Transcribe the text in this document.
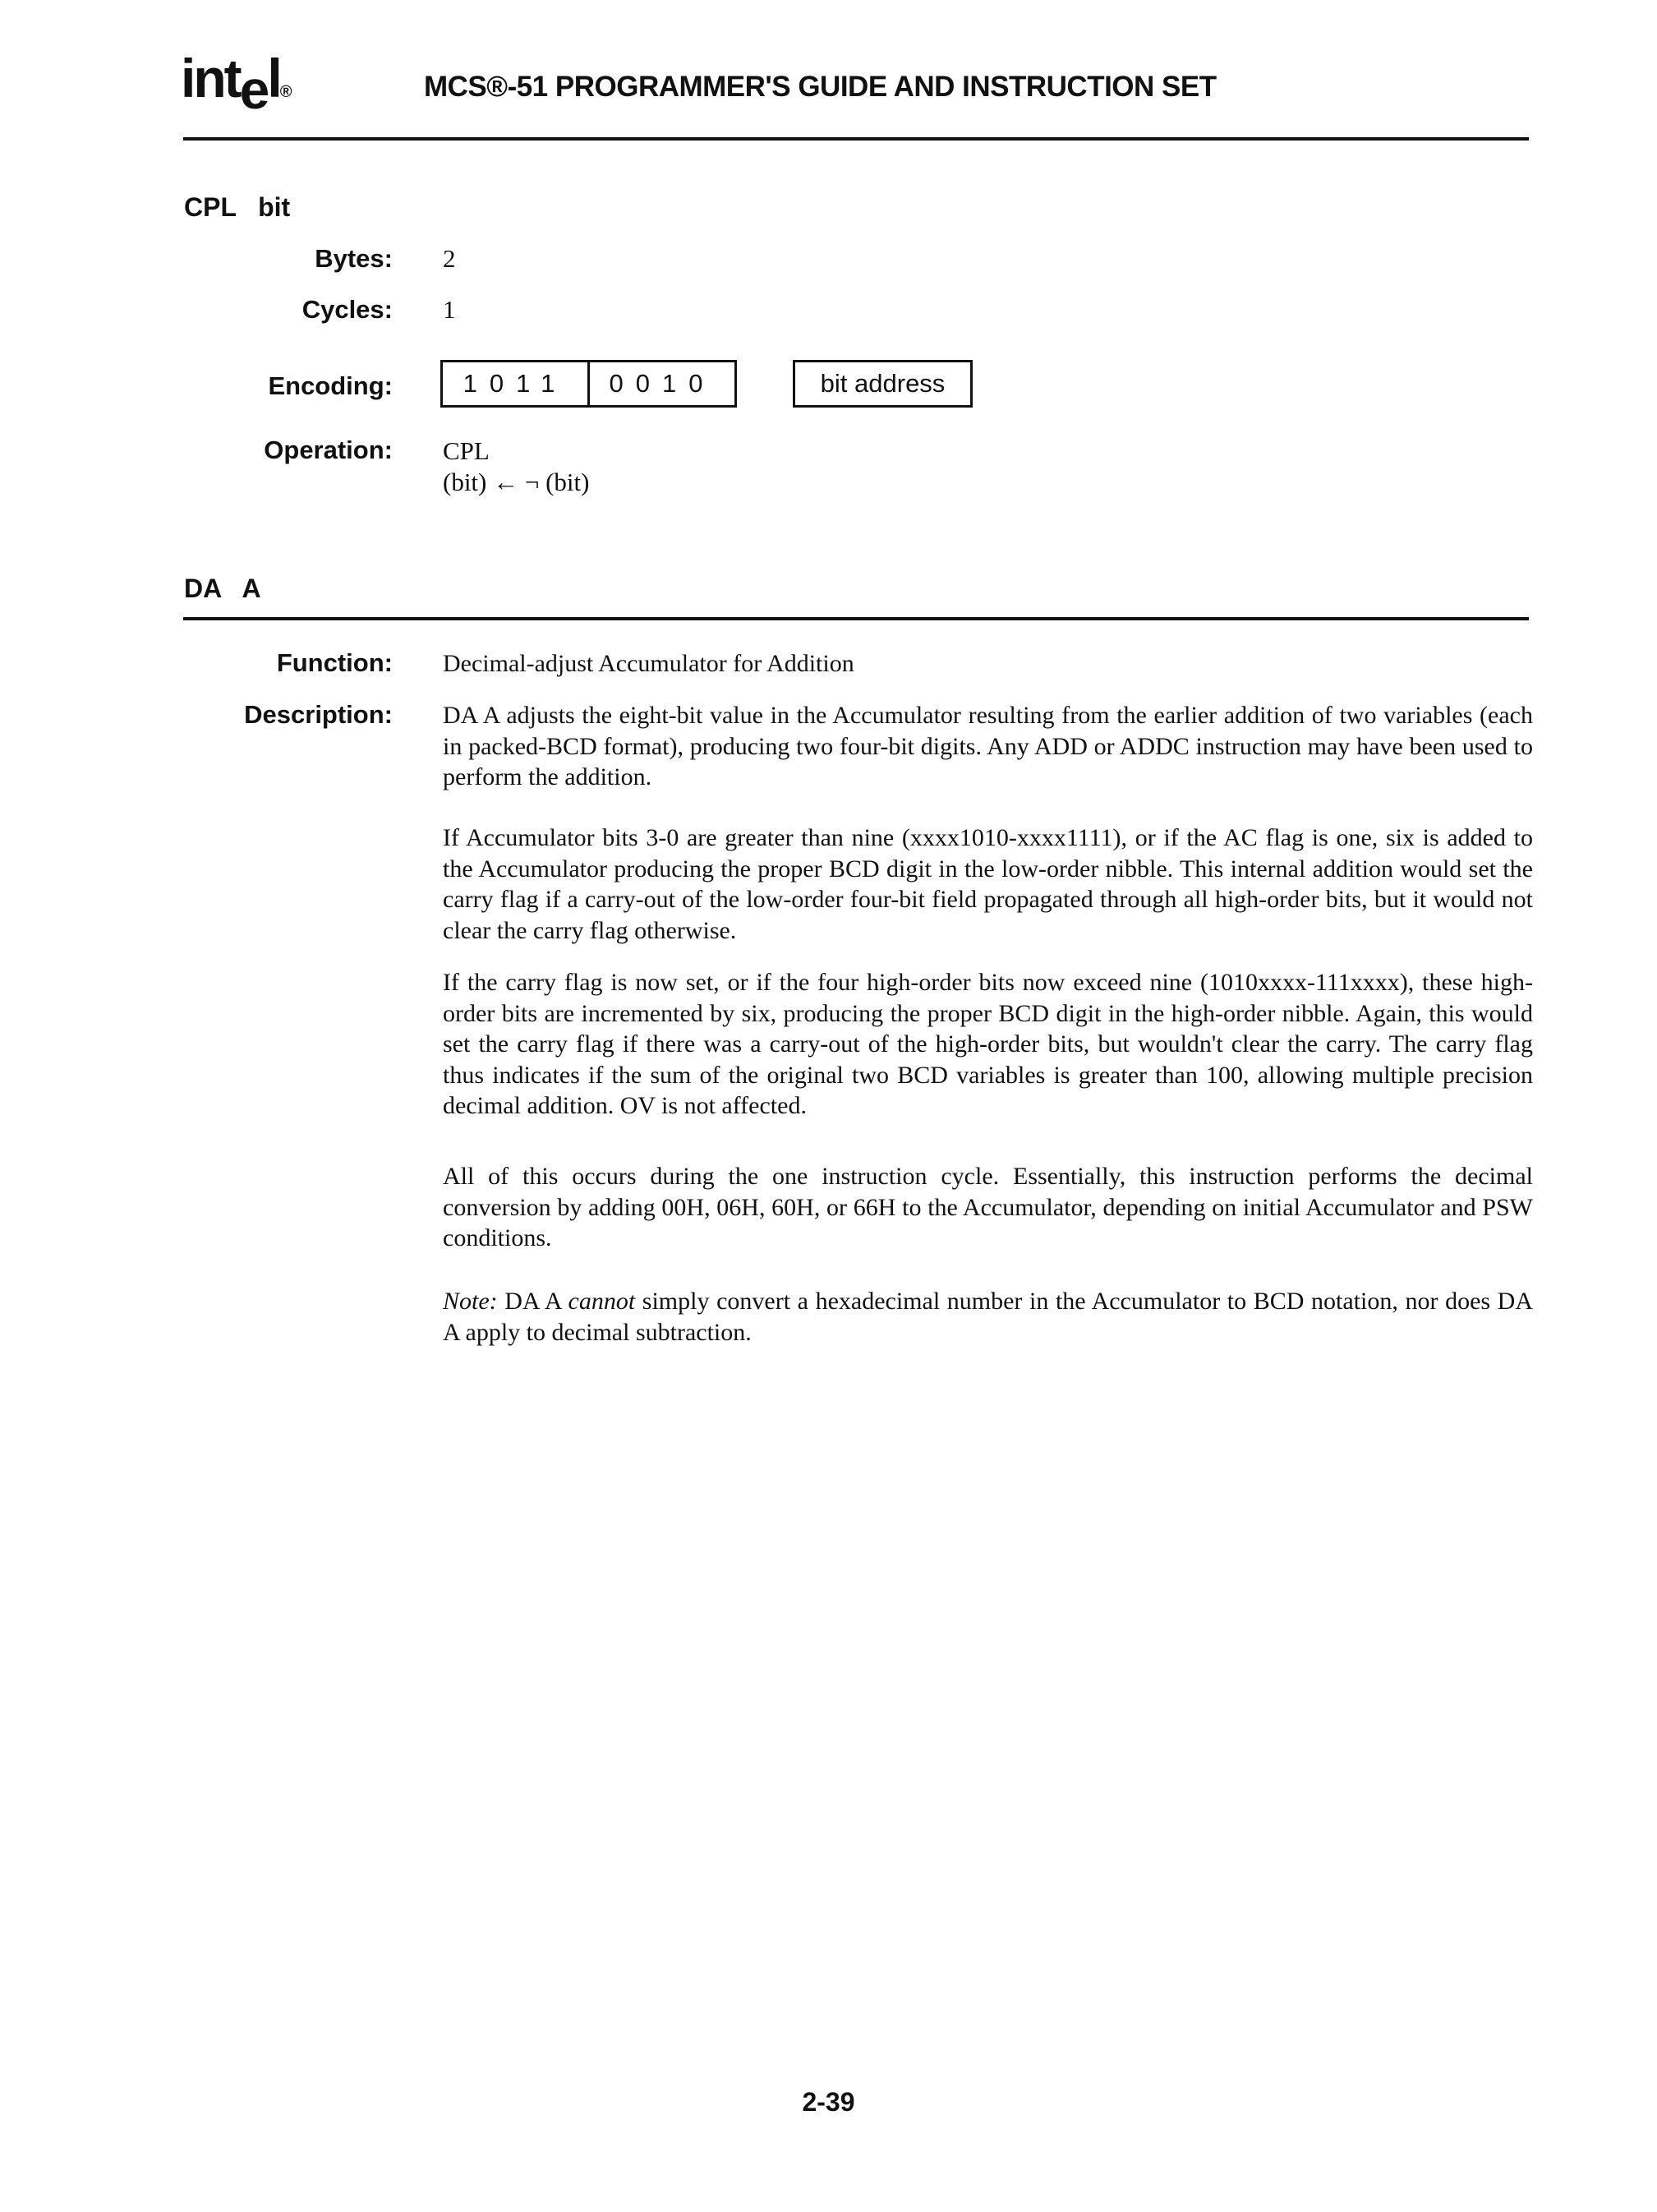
intel®	MCS®-51 PROGRAMMER'S GUIDE AND INSTRUCTION SET
CPL   bit
Bytes: 2
Cycles: 1
Encoding:	1011	0010	bit address
Operation: CPL
(bit) ← ¬ (bit)
DA   A
Function: Decimal-adjust Accumulator for Addition
Description: DA A adjusts the eight-bit value in the Accumulator resulting from the earlier addition of two variables (each in packed-BCD format), producing two four-bit digits. Any ADD or ADDC instruction may have been used to perform the addition.
If Accumulator bits 3-0 are greater than nine (xxxx1010-xxxx1111), or if the AC flag is one, six is added to the Accumulator producing the proper BCD digit in the low-order nibble. This internal addition would set the carry flag if a carry-out of the low-order four-bit field propagated through all high-order bits, but it would not clear the carry flag otherwise.
If the carry flag is now set, or if the four high-order bits now exceed nine (1010xxxx-111xxxx), these high-order bits are incremented by six, producing the proper BCD digit in the high-order nibble. Again, this would set the carry flag if there was a carry-out of the high-order bits, but wouldn't clear the carry. The carry flag thus indicates if the sum of the original two BCD variables is greater than 100, allowing multiple precision decimal addition. OV is not affected.
All of this occurs during the one instruction cycle. Essentially, this instruction performs the decimal conversion by adding 00H, 06H, 60H, or 66H to the Accumulator, depending on initial Accumulator and PSW conditions.
Note: DA A cannot simply convert a hexadecimal number in the Accumulator to BCD notation, nor does DA A apply to decimal subtraction.
2-39
